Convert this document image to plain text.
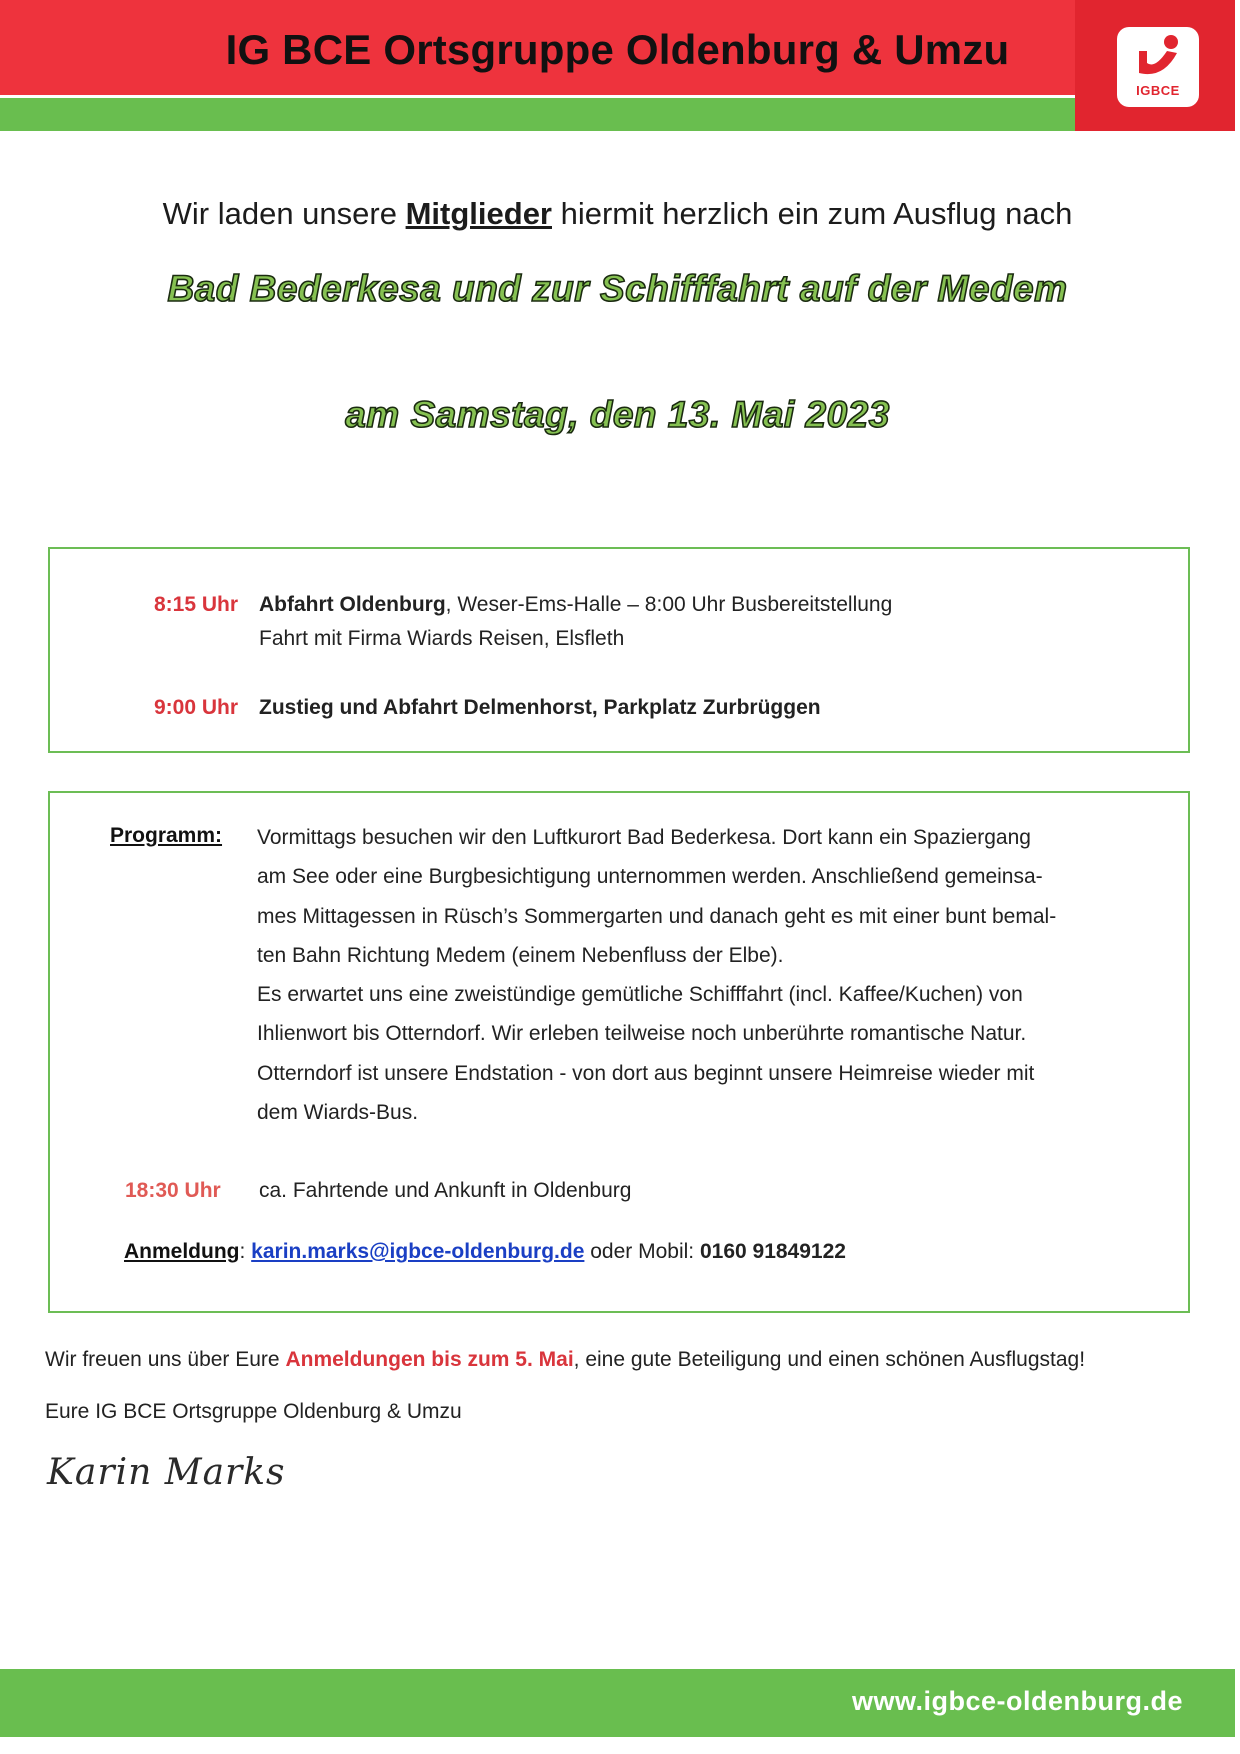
IG BCE Ortsgruppe Oldenburg & Umzu
IGBCE
Wir laden unsere Mitglieder hiermit herzlich ein zum Ausflug nach
Bad Bederkesa und zur Schifffahrt auf der Medem
am Samstag, den 13. Mai 2023
8:15 Uhr Abfahrt Oldenburg, Weser-Ems-Halle – 8:00 Uhr Busbereitstellung
Fahrt mit Firma Wiards Reisen, Elsfleth
9:00 Uhr Zustieg und Abfahrt Delmenhorst, Parkplatz Zurbrüggen
Programm: Vormittags besuchen wir den Luftkurort Bad Bederkesa. Dort kann ein Spaziergang
am See oder eine Burgbesichtigung unternommen werden. Anschließend gemeinsa-
mes Mittagessen in Rüsch’s Sommergarten und danach geht es mit einer bunt bemal-
ten Bahn Richtung Medem (einem Nebenfluss der Elbe).
Es erwartet uns eine zweistündige gemütliche Schifffahrt (incl. Kaffee/Kuchen) von
Ihlienwort bis Otterndorf. Wir erleben teilweise noch unberührte romantische Natur.
Otterndorf ist unsere Endstation - von dort aus beginnt unsere Heimreise wieder mit
dem Wiards-Bus.
18:30 Uhr ca. Fahrtende und Ankunft in Oldenburg
Anmeldung: karin.marks@igbce-oldenburg.de oder Mobil: 0160 91849122
Wir freuen uns über Eure Anmeldungen bis zum 5. Mai, eine gute Beteiligung und einen schönen Ausflugstag!
Eure IG BCE Ortsgruppe Oldenburg & Umzu
Karin Marks
www.igbce-oldenburg.de
